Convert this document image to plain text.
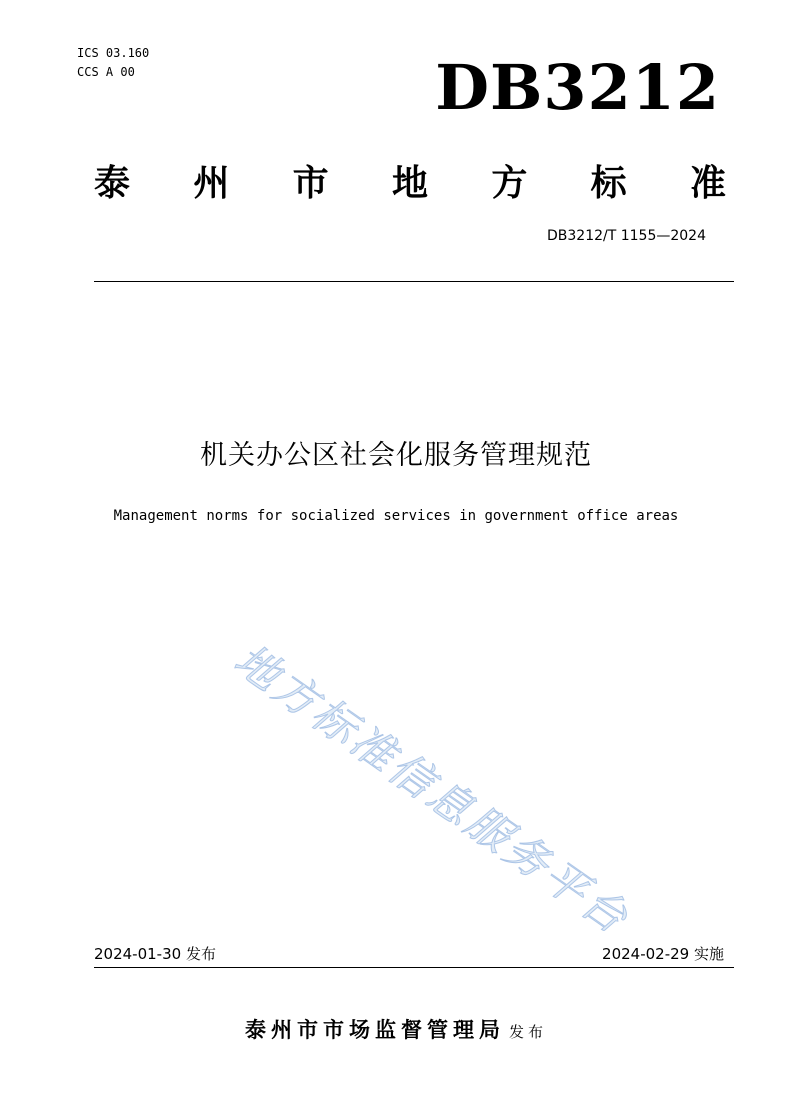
ICS 03.160
CCS A 00	DB3212
泰 州 市 地 方 标 准
DB3212/T 1155—2024
机关办公区社会化服务管理规范
Management norms for socialized services in government office areas
地方标准信息服务平台
2024-01-30 发布	2024-02-29 实施
泰州市市场监督管理局 发布
